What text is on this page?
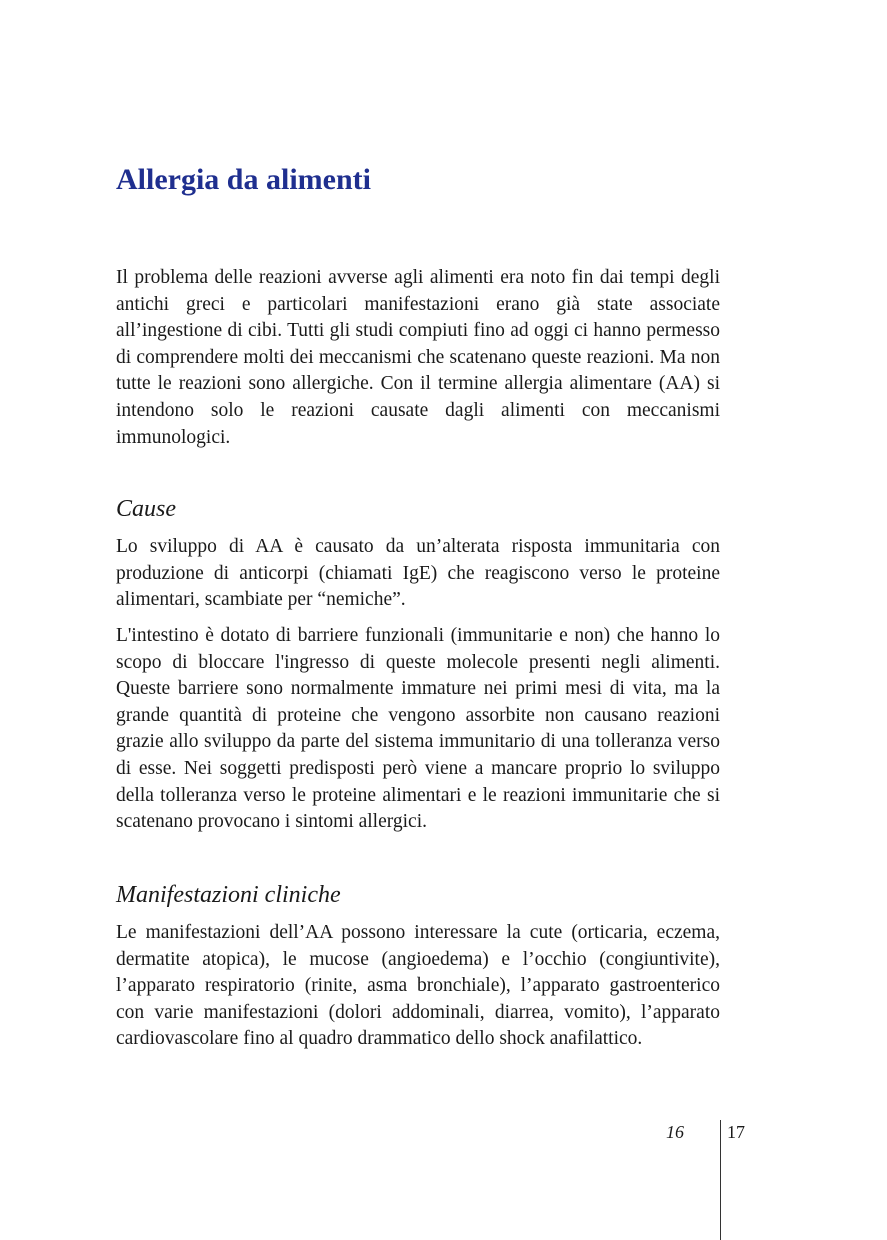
Allergia da alimenti

Il problema delle reazioni avverse agli alimenti era noto fin dai tempi degli antichi greci e particolari manifestazioni erano già state associate all’ingestione di cibi. Tutti gli studi compiuti fino ad oggi ci hanno permesso di comprendere molti dei meccanismi che scatenano queste reazioni. Ma non tutte le reazioni sono allergiche. Con il termine allergia alimentare (AA) si intendono solo le reazioni causate dagli alimenti con meccanismi immunologici.

Cause

Lo sviluppo di AA è causato da un’alterata risposta immunitaria con produzione di anticorpi (chiamati IgE) che reagiscono verso le proteine alimentari, scambiate per “nemiche”.

L'intestino è dotato di barriere funzionali (immunitarie e non) che hanno lo scopo di bloccare l'ingresso di queste molecole presenti negli alimenti. Queste barriere sono normalmente immature nei primi mesi di vita, ma la grande quantità di proteine che vengono assorbite non causano reazioni grazie allo sviluppo da parte del sistema immunitario di una tolleranza verso di esse. Nei soggetti predisposti però viene a mancare proprio lo sviluppo della tolleranza verso le proteine alimentari e le reazioni immunitarie che si scatenano provocano i sintomi allergici.

Manifestazioni cliniche

Le manifestazioni dell’AA possono interessare la cute (orticaria, eczema, dermatite atopica), le mucose (angioedema) e l’occhio (congiuntivite), l’apparato respiratorio (rinite, asma bronchiale), l’apparato gastroenterico con varie manifestazioni (dolori addominali, diarrea, vomito), l’apparato cardiovascolare fino al quadro drammatico dello shock anafilattico.

16 17
